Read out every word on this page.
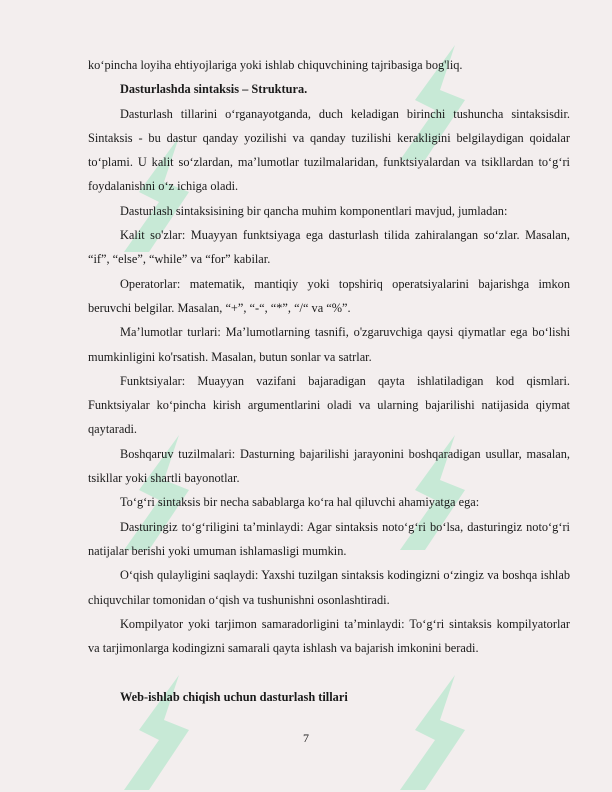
ko‘pincha loyiha ehtiyojlariga yoki ishlab chiquvchining tajribasiga bog'liq.

Dasturlashda sintaksis – Struktura.

Dasturlash tillarini o‘rganayotganda, duch keladigan birinchi tushuncha sintaksisdir. Sintaksis - bu dastur qanday yozilishi va qanday tuzilishi kerakligini belgilaydigan qoidalar to‘plami. U kalit so‘zlardan, ma’lumotlar tuzilmalaridan, funktsiyalardan va tsikllardan to‘g‘ri foydalanishni o‘z ichiga oladi.

Dasturlash sintaksisining bir qancha muhim komponentlari mavjud, jumladan:

Kalit so'zlar: Muayyan funktsiyaga ega dasturlash tilida zahiralangan so‘zlar. Masalan, “if”, “else”, “while” va “for” kabilar.

Operatorlar: matematik, mantiqiy yoki topshiriq operatsiyalarini bajarishga imkon beruvchi belgilar. Masalan, “+”, “-“, “*”, “/“ va “%”.

Ma’lumotlar turlari: Ma’lumotlarning tasnifi, o'zgaruvchiga qaysi qiymatlar ega bo‘lishi mumkinligini ko'rsatish. Masalan, butun sonlar va satrlar.

Funktsiyalar: Muayyan vazifani bajaradigan qayta ishlatiladigan kod qismlari. Funktsiyalar ko‘pincha kirish argumentlarini oladi va ularning bajarilishi natijasida qiymat qaytaradi.

Boshqaruv tuzilmalari: Dasturning bajarilishi jarayonini boshqaradigan usullar, masalan, tsikllar yoki shartli bayonotlar.

To‘g‘ri sintaksis bir necha sabablarga ko‘ra hal qiluvchi ahamiyatga ega:

Dasturingiz to‘g‘riligini ta’minlaydi: Agar sintaksis noto‘g‘ri bo‘lsa, dasturingiz noto‘g‘ri natijalar berishi yoki umuman ishlamasligi mumkin.

O‘qish qulayligini saqlaydi: Yaxshi tuzilgan sintaksis kodingizni o‘zingiz va boshqa ishlab chiquvchilar tomonidan o‘qish va tushunishni osonlashtiradi.

Kompilyator yoki tarjimon samaradorligini ta’minlaydi: To‘g‘ri sintaksis kompilyatorlar va tarjimonlarga kodingizni samarali qayta ishlash va bajarish imkonini beradi.

Web-ishlab chiqish uchun dasturlash tillari

7
